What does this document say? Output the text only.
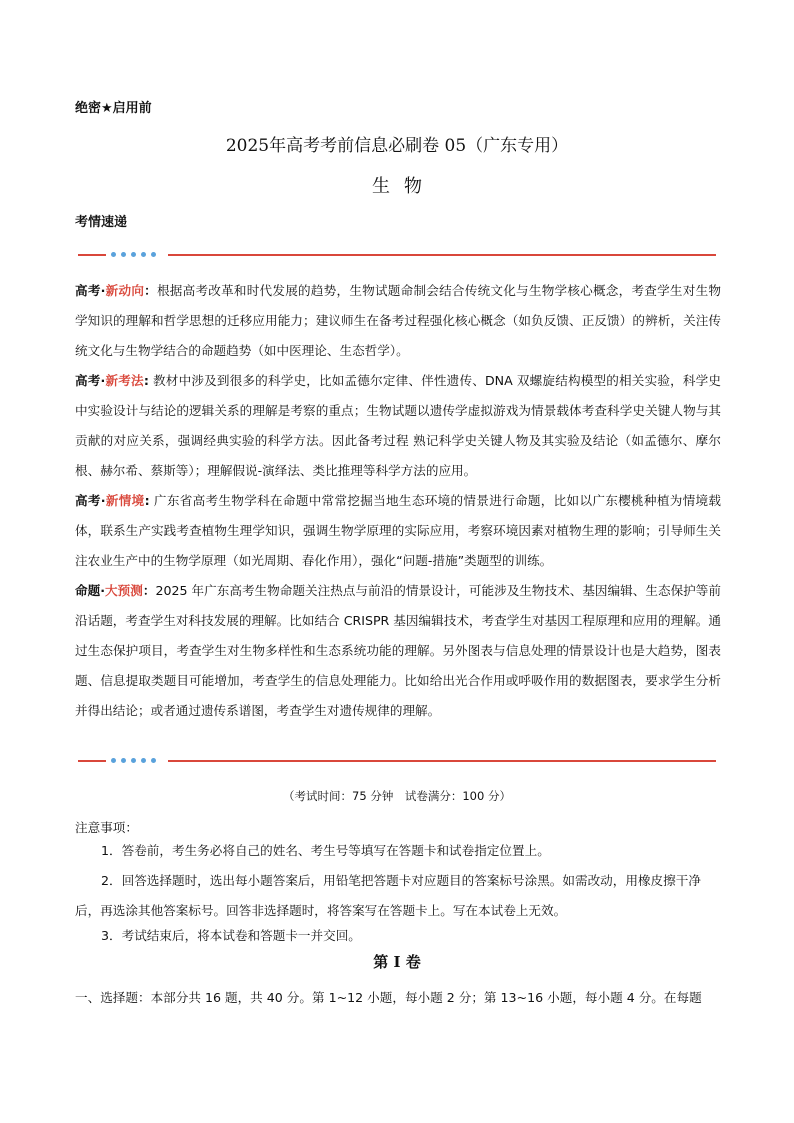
绝密★启用前
2025年高考考前信息必刷卷 05（广东专用）
生物
考情速递
高考·新动向：根据高考改革和时代发展的趋势，生物试题命制会结合传统文化与生物学核心概念，考查学生对生物学知识的理解和哲学思想的迁移应用能力；建议师生在备考过程强化核心概念（如负反馈、正反馈）的辨析，关注传统文化与生物学结合的命题趋势（如中医理论、生态哲学）。
高考·新考法: 教材中涉及到很多的科学史，比如孟德尔定律、伴性遗传、DNA 双螺旋结构模型的相关实验，科学史中实验设计与结论的逻辑关系的理解是考察的重点；生物试题以遗传学虚拟游戏为情景载体考查科学史关键人物与其贡献的对应关系，强调经典实验的科学方法。因此备考过程 熟记科学史关键人物及其实验及结论（如孟德尔、摩尔根、赫尔希、蔡斯等）；理解假说-演绎法、类比推理等科学方法的应用。
高考·新情境: 广东省高考生物学科在命题中常常挖掘当地生态环境的情景进行命题，比如以广东樱桃种植为情境载体，联系生产实践考查植物生理学知识，强调生物学原理的实际应用，考察环境因素对植物生理的影响；引导师生关注农业生产中的生物学原理（如光周期、春化作用），强化“问题-措施”类题型的训练。
命题·大预测：2025 年广东高考生物命题关注热点与前沿的情景设计，可能涉及生物技术、基因编辑、生态保护等前沿话题，考查学生对科技发展的理解。比如结合 CRISPR 基因编辑技术，考查学生对基因工程原理和应用的理解。通过生态保护项目，考查学生对生物多样性和生态系统功能的理解。另外图表与信息处理的情景设计也是大趋势，图表题、信息提取类题目可能增加，考查学生的信息处理能力。比如给出光合作用或呼吸作用的数据图表，要求学生分析并得出结论；或者通过遗传系谱图，考查学生对遗传规律的理解。
（考试时间：75 分钟　试卷满分：100 分）
注意事项：
1．答卷前，考生务必将自己的姓名、考生号等填写在答题卡和试卷指定位置上。
2．回答选择题时，选出每小题答案后，用铅笔把答题卡对应题目的答案标号涂黑。如需改动，用橡皮擦干净后，再选涂其他答案标号。回答非选择题时，将答案写在答题卡上。写在本试卷上无效。
3．考试结束后，将本试卷和答题卡一并交回。
第 I 卷
一、选择题：本部分共 16 题，共 40 分。第 1~12 小题，每小题 2 分；第 13~16 小题，每小题 4 分。在每题
